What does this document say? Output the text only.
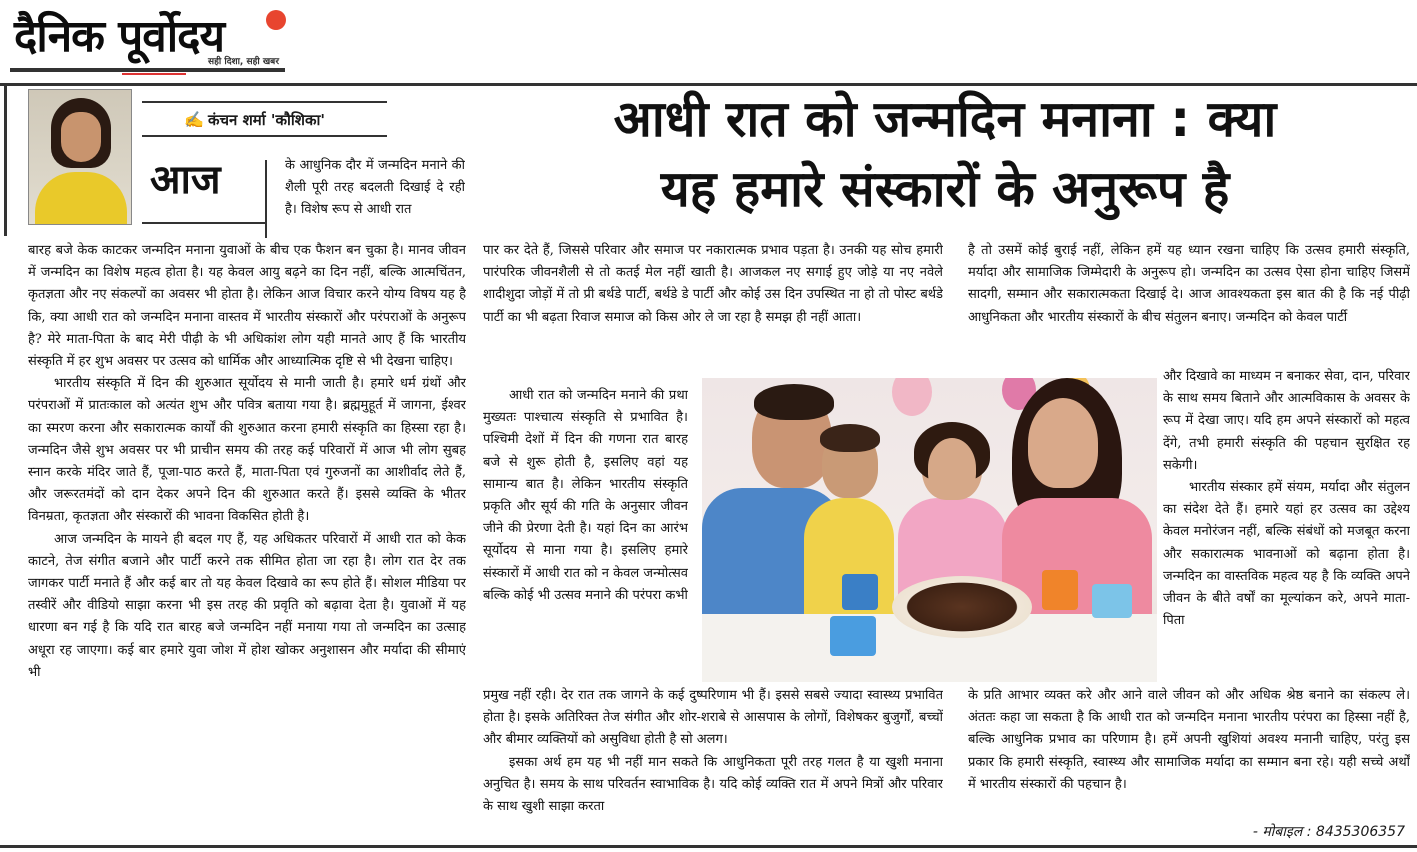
दैनिक पूर्वोदय
सही दिशा, सही खबर
✍ कंचन शर्मा 'कौशिका'
आज
आधी रात को जन्मदिन मनाना : क्या
यह हमारे संस्कारों के अनुरूप है

के आधुनिक दौर में जन्मदिन मनाने की शैली पूरी तरह बदलती दिखाई दे रही है। विशेष रूप से आधी रात

बारह बजे केक काटकर जन्मदिन मनाना युवाओं के बीच एक फैशन बन चुका है। मानव जीवन में जन्मदिन का विशेष महत्व होता है। यह केवल आयु बढ़ने का दिन नहीं, बल्कि आत्मचिंतन, कृतज्ञता और नए संकल्पों का अवसर भी होता है। लेकिन आज विचार करने योग्य विषय यह है कि, क्या आधी रात को जन्मदिन मनाना वास्तव में भारतीय संस्कारों और परंपराओं के अनुरूप है? मेरे माता-पिता के बाद मेरी पीढ़ी के भी अधिकांश लोग यही मानते आए हैं कि भारतीय संस्कृति में हर शुभ अवसर पर उत्सव को धार्मिक और आध्यात्मिक दृष्टि से भी देखना चाहिए।

भारतीय संस्कृति में दिन की शुरुआत सूर्योदय से मानी जाती है। हमारे धर्म ग्रंथों और परंपराओं में प्रातःकाल को अत्यंत शुभ और पवित्र बताया गया है। ब्रह्ममुहूर्त में जागना, ईश्वर का स्मरण करना और सकारात्मक कार्यों की शुरुआत करना हमारी संस्कृति का हिस्सा रहा है। जन्मदिन जैसे शुभ अवसर पर भी प्राचीन समय की तरह कई परिवारों में आज भी लोग सुबह स्नान करके मंदिर जाते हैं, पूजा-पाठ करते हैं, माता-पिता एवं गुरुजनों का आशीर्वाद लेते हैं, और जरूरतमंदों को दान देकर अपने दिन की शुरुआत करते हैं। इससे व्यक्ति के भीतर विनम्रता, कृतज्ञता और संस्कारों की भावना विकसित होती है।

आज जन्मदिन के मायने ही बदल गए हैं, यह अधिकतर परिवारों में आधी रात को केक काटने, तेज संगीत बजाने और पार्टी करने तक सीमित होता जा रहा है। लोग रात देर तक जागकर पार्टी मनाते हैं और कई बार तो यह केवल दिखावे का रूप होते हैं। सोशल मीडिया पर तस्वीरें और वीडियो साझा करना भी इस तरह की प्रवृति को बढ़ावा देता है। युवाओं में यह धारणा बन गई है कि यदि रात बारह बजे जन्मदिन नहीं मनाया गया तो जन्मदिन का उत्साह अधूरा रह जाएगा। कई बार हमारे युवा जोश में होश खोकर अनुशासन और मर्यादा की सीमाएं भी

पार कर देते हैं, जिससे परिवार और समाज पर नकारात्मक प्रभाव पड़ता है। उनकी यह सोच हमारी पारंपरिक जीवनशैली से तो कतई मेल नहीं खाती है। आजकल नए सगाई हुए जोड़े या नए नवेले शादीशुदा जोड़ों में तो प्री बर्थडे पार्टी, बर्थडे डे पार्टी और कोई उस दिन उपस्थित ना हो तो पोस्ट बर्थडे पार्टी का भी बढ़ता रिवाज समाज को किस ओर ले जा रहा है समझ ही नहीं आता।

आधी रात को जन्मदिन मनाने की प्रथा मुख्यतः पाश्चात्य संस्कृति से प्रभावित है। पश्चिमी देशों में दिन की गणना रात बारह बजे से शुरू होती है, इसलिए वहां यह सामान्य बात है। लेकिन भारतीय संस्कृति प्रकृति और सूर्य की गति के अनुसार जीवन जीने की प्रेरणा देती है। यहां दिन का आरंभ सूर्योदय से माना गया है। इसलिए हमारे संस्कारों में आधी रात को न केवल जन्मोत्सव बल्कि कोई भी उत्सव मनाने की परंपरा कभी

प्रमुख नहीं रही। देर रात तक जागने के कई दुष्परिणाम भी हैं। इससे सबसे ज्यादा स्वास्थ्य प्रभावित होता है। इसके अतिरिक्त तेज संगीत और शोर-शराबे से आसपास के लोगों, विशेषकर बुजुर्गों, बच्चों और बीमार व्यक्तियों को असुविधा होती है सो अलग।

इसका अर्थ हम यह भी नहीं मान सकते कि आधुनिकता पूरी तरह गलत है या खुशी मनाना अनुचित है। समय के साथ परिवर्तन स्वाभाविक है। यदि कोई व्यक्ति रात में अपने मित्रों और परिवार के साथ खुशी साझा करता

है तो उसमें कोई बुराई नहीं, लेकिन हमें यह ध्यान रखना चाहिए कि उत्सव हमारी संस्कृति, मर्यादा और सामाजिक जिम्मेदारी के अनुरूप हो। जन्मदिन का उत्सव ऐसा होना चाहिए जिसमें सादगी, सम्मान और सकारात्मकता दिखाई दे। आज आवश्यकता इस बात की है कि नई पीढ़ी आधुनिकता और भारतीय संस्कारों के बीच संतुलन बनाए। जन्मदिन को केवल पार्टी

और दिखावे का माध्यम न बनाकर सेवा, दान, परिवार के साथ समय बिताने और आत्मविकास के अवसर के रूप में देखा जाए। यदि हम अपने संस्कारों को महत्व देंगे, तभी हमारी संस्कृति की पहचान सुरक्षित रह सकेगी।

भारतीय संस्कार हमें संयम, मर्यादा और संतुलन का संदेश देते हैं। हमारे यहां हर उत्सव का उद्देश्य केवल मनोरंजन नहीं, बल्कि संबंधों को मजबूत करना और सकारात्मक भावनाओं को बढ़ाना होता है। जन्मदिन का वास्तविक महत्व यह है कि व्यक्ति अपने जीवन के बीते वर्षों का मूल्यांकन करे, अपने माता-पिता

के प्रति आभार व्यक्त करे और आने वाले जीवन को और अधिक श्रेष्ठ बनाने का संकल्प ले। अंततः कहा जा सकता है कि आधी रात को जन्मदिन मनाना भारतीय परंपरा का हिस्सा नहीं है, बल्कि आधुनिक प्रभाव का परिणाम है। हमें अपनी खुशियां अवश्य मनानी चाहिए, परंतु इस प्रकार कि हमारी संस्कृति, स्वास्थ्य और सामाजिक मर्यादा का सम्मान बना रहे। यही सच्चे अर्थों में भारतीय संस्कारों की पहचान है।

- मोबाइल : 8435306357
